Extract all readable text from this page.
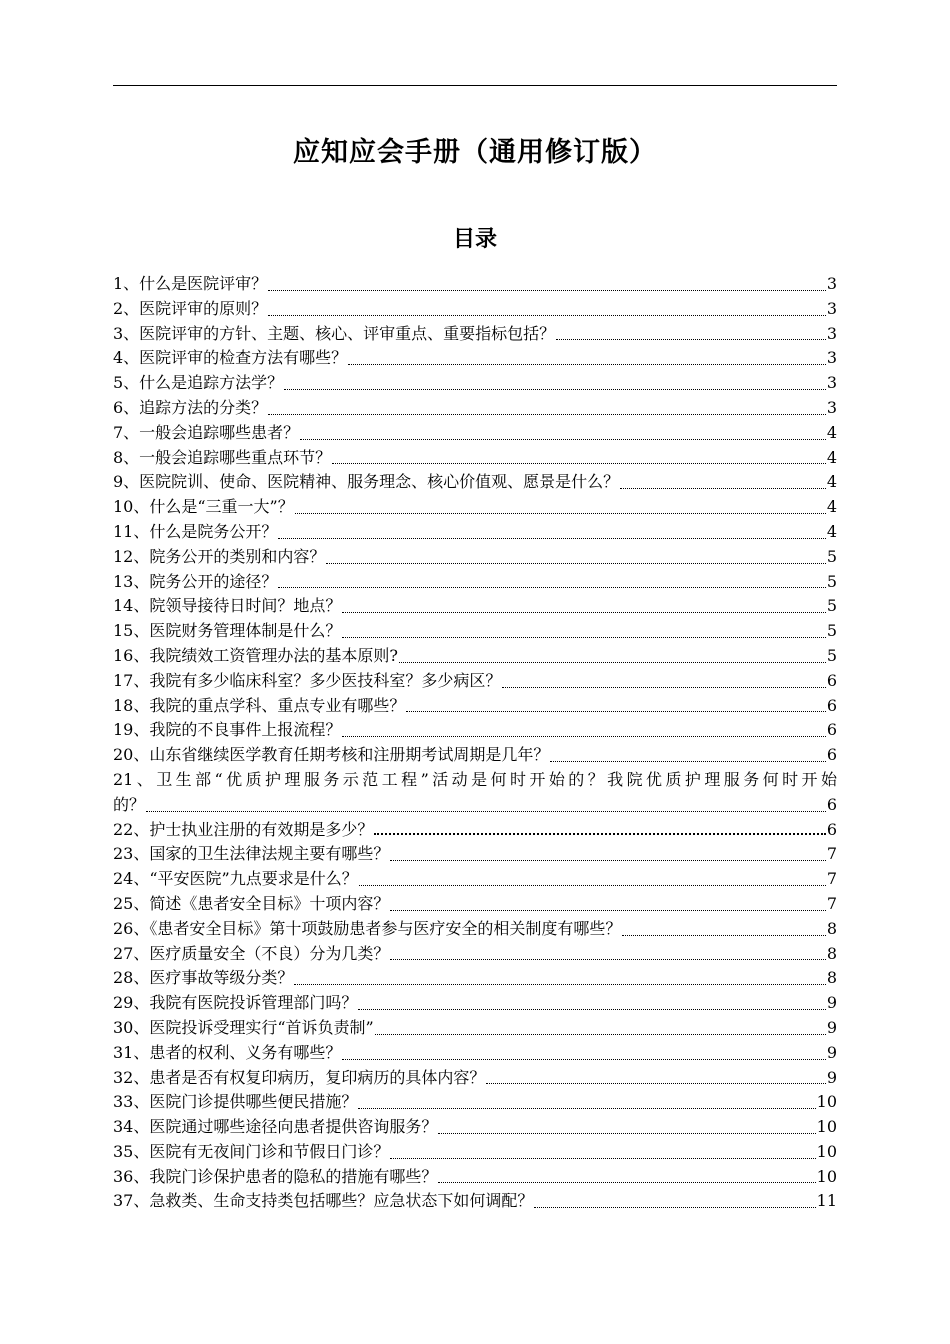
应知应会手册（通用修订版）
目录
1、什么是医院评审？	3
2、医院评审的原则？	3
3、医院评审的方针、主题、核心、评审重点、重要指标包括？	3
4、医院评审的检查方法有哪些？	3
5、什么是追踪方法学？	3
6、追踪方法的分类？	3
7、一般会追踪哪些患者？	4
8、一般会追踪哪些重点环节？	4
9、医院院训、使命、医院精神、服务理念、核心价值观、愿景是什么？	4
10、什么是“三重一大”？	4
11、什么是院务公开？	4
12、院务公开的类别和内容？	5
13、院务公开的途径？	5
14、院领导接待日时间？地点？	5
15、医院财务管理体制是什么？	5
16、我院绩效工资管理办法的基本原则?	5
17、我院有多少临床科室？多少医技科室？多少病区？	6
18、我院的重点学科、重点专业有哪些？	6
19、我院的不良事件上报流程？	6
20、山东省继续医学教育任期考核和注册期考试周期是几年？	6
21、卫生部“优质护理服务示范工程”活动是何时开始的？我院优质护理服务何时开始
的？	6
22、护士执业注册的有效期是多少？	6
23、国家的卫生法律法规主要有哪些？	7
24、“平安医院”九点要求是什么？	7
25、简述《患者安全目标》十项内容？	7
26、《患者安全目标》第十项鼓励患者参与医疗安全的相关制度有哪些？	8
27、医疗质量安全（不良）分为几类？	8
28、医疗事故等级分类？	8
29、我院有医院投诉管理部门吗？	9
30、医院投诉受理实行“首诉负责制”	9
31、患者的权利、义务有哪些？	9
32、患者是否有权复印病历，复印病历的具体内容？	9
33、医院门诊提供哪些便民措施？	10
34、医院通过哪些途径向患者提供咨询服务？	10
35、医院有无夜间门诊和节假日门诊？	10
36、我院门诊保护患者的隐私的措施有哪些？	10
37、急救类、生命支持类包括哪些？应急状态下如何调配？	11
